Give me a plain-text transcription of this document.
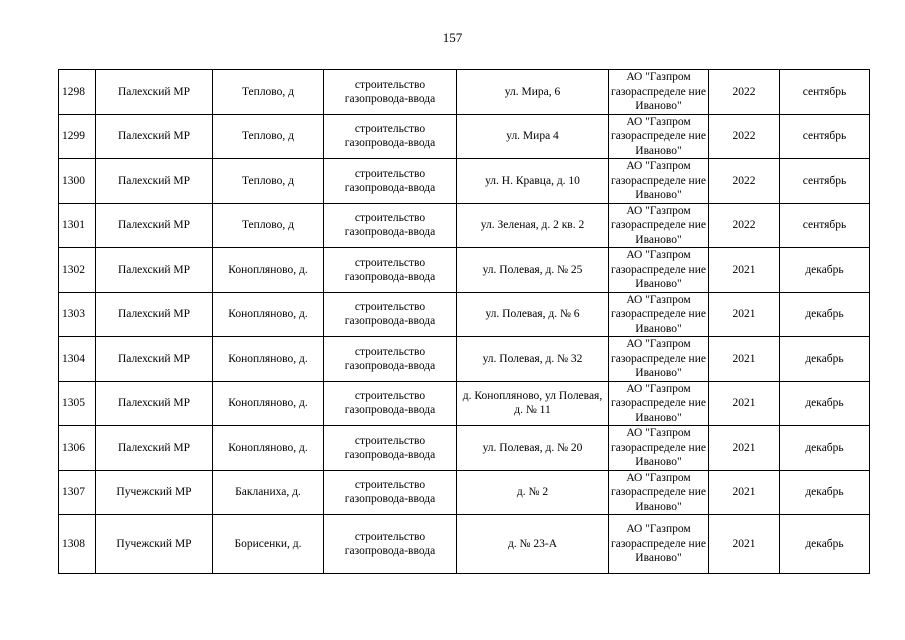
157
1298	Палехский МР	Теплово, д	строительство газопровода-ввода	ул. Мира, 6	АО "Газпром газораспределе ние Иваново"	2022	сентябрь
1299	Палехский МР	Теплово, д	строительство газопровода-ввода	ул. Мира 4	АО "Газпром газораспределе ние Иваново"	2022	сентябрь
1300	Палехский МР	Теплово, д	строительство газопровода-ввода	ул. Н. Кравца, д. 10	АО "Газпром газораспределе ние Иваново"	2022	сентябрь
1301	Палехский МР	Теплово, д	строительство газопровода-ввода	ул. Зеленая, д. 2 кв. 2	АО "Газпром газораспределе ние Иваново"	2022	сентябрь
1302	Палехский МР	Коноплянoво, д.	строительство газопровода-ввода	ул. Полевая, д. № 25	АО "Газпром газораспределе ние Иваново"	2021	декабрь
1303	Палехский МР	Коноплянoво, д.	строительство газопровода-ввода	ул. Полевая, д. № 6	АО "Газпром газораспределе ние Иваново"	2021	декабрь
1304	Палехский МР	Коноплянoво, д.	строительство газопровода-ввода	ул. Полевая, д. № 32	АО "Газпром газораспределе ние Иваново"	2021	декабрь
1305	Палехский МР	Коноплянoво, д.	строительство газопровода-ввода	д. Коноплянoво, ул Полевая, д. № 11	АО "Газпром газораспределе ние Иваново"	2021	декабрь
1306	Палехский МР	Коноплянoво, д.	строительство газопровода-ввода	ул. Полевая, д. № 20	АО "Газпром газораспределе ние Иваново"	2021	декабрь
1307	Пучежский МР	Бакланиха, д.	строительство газопровода-ввода	д. № 2	АО "Газпром газораспределе ние Иваново"	2021	декабрь
1308	Пучежский МР	Борисенки, д.	строительство газопровода-ввода	д. № 23-А	АО "Газпром газораспределе ние Иваново"	2021	декабрь
